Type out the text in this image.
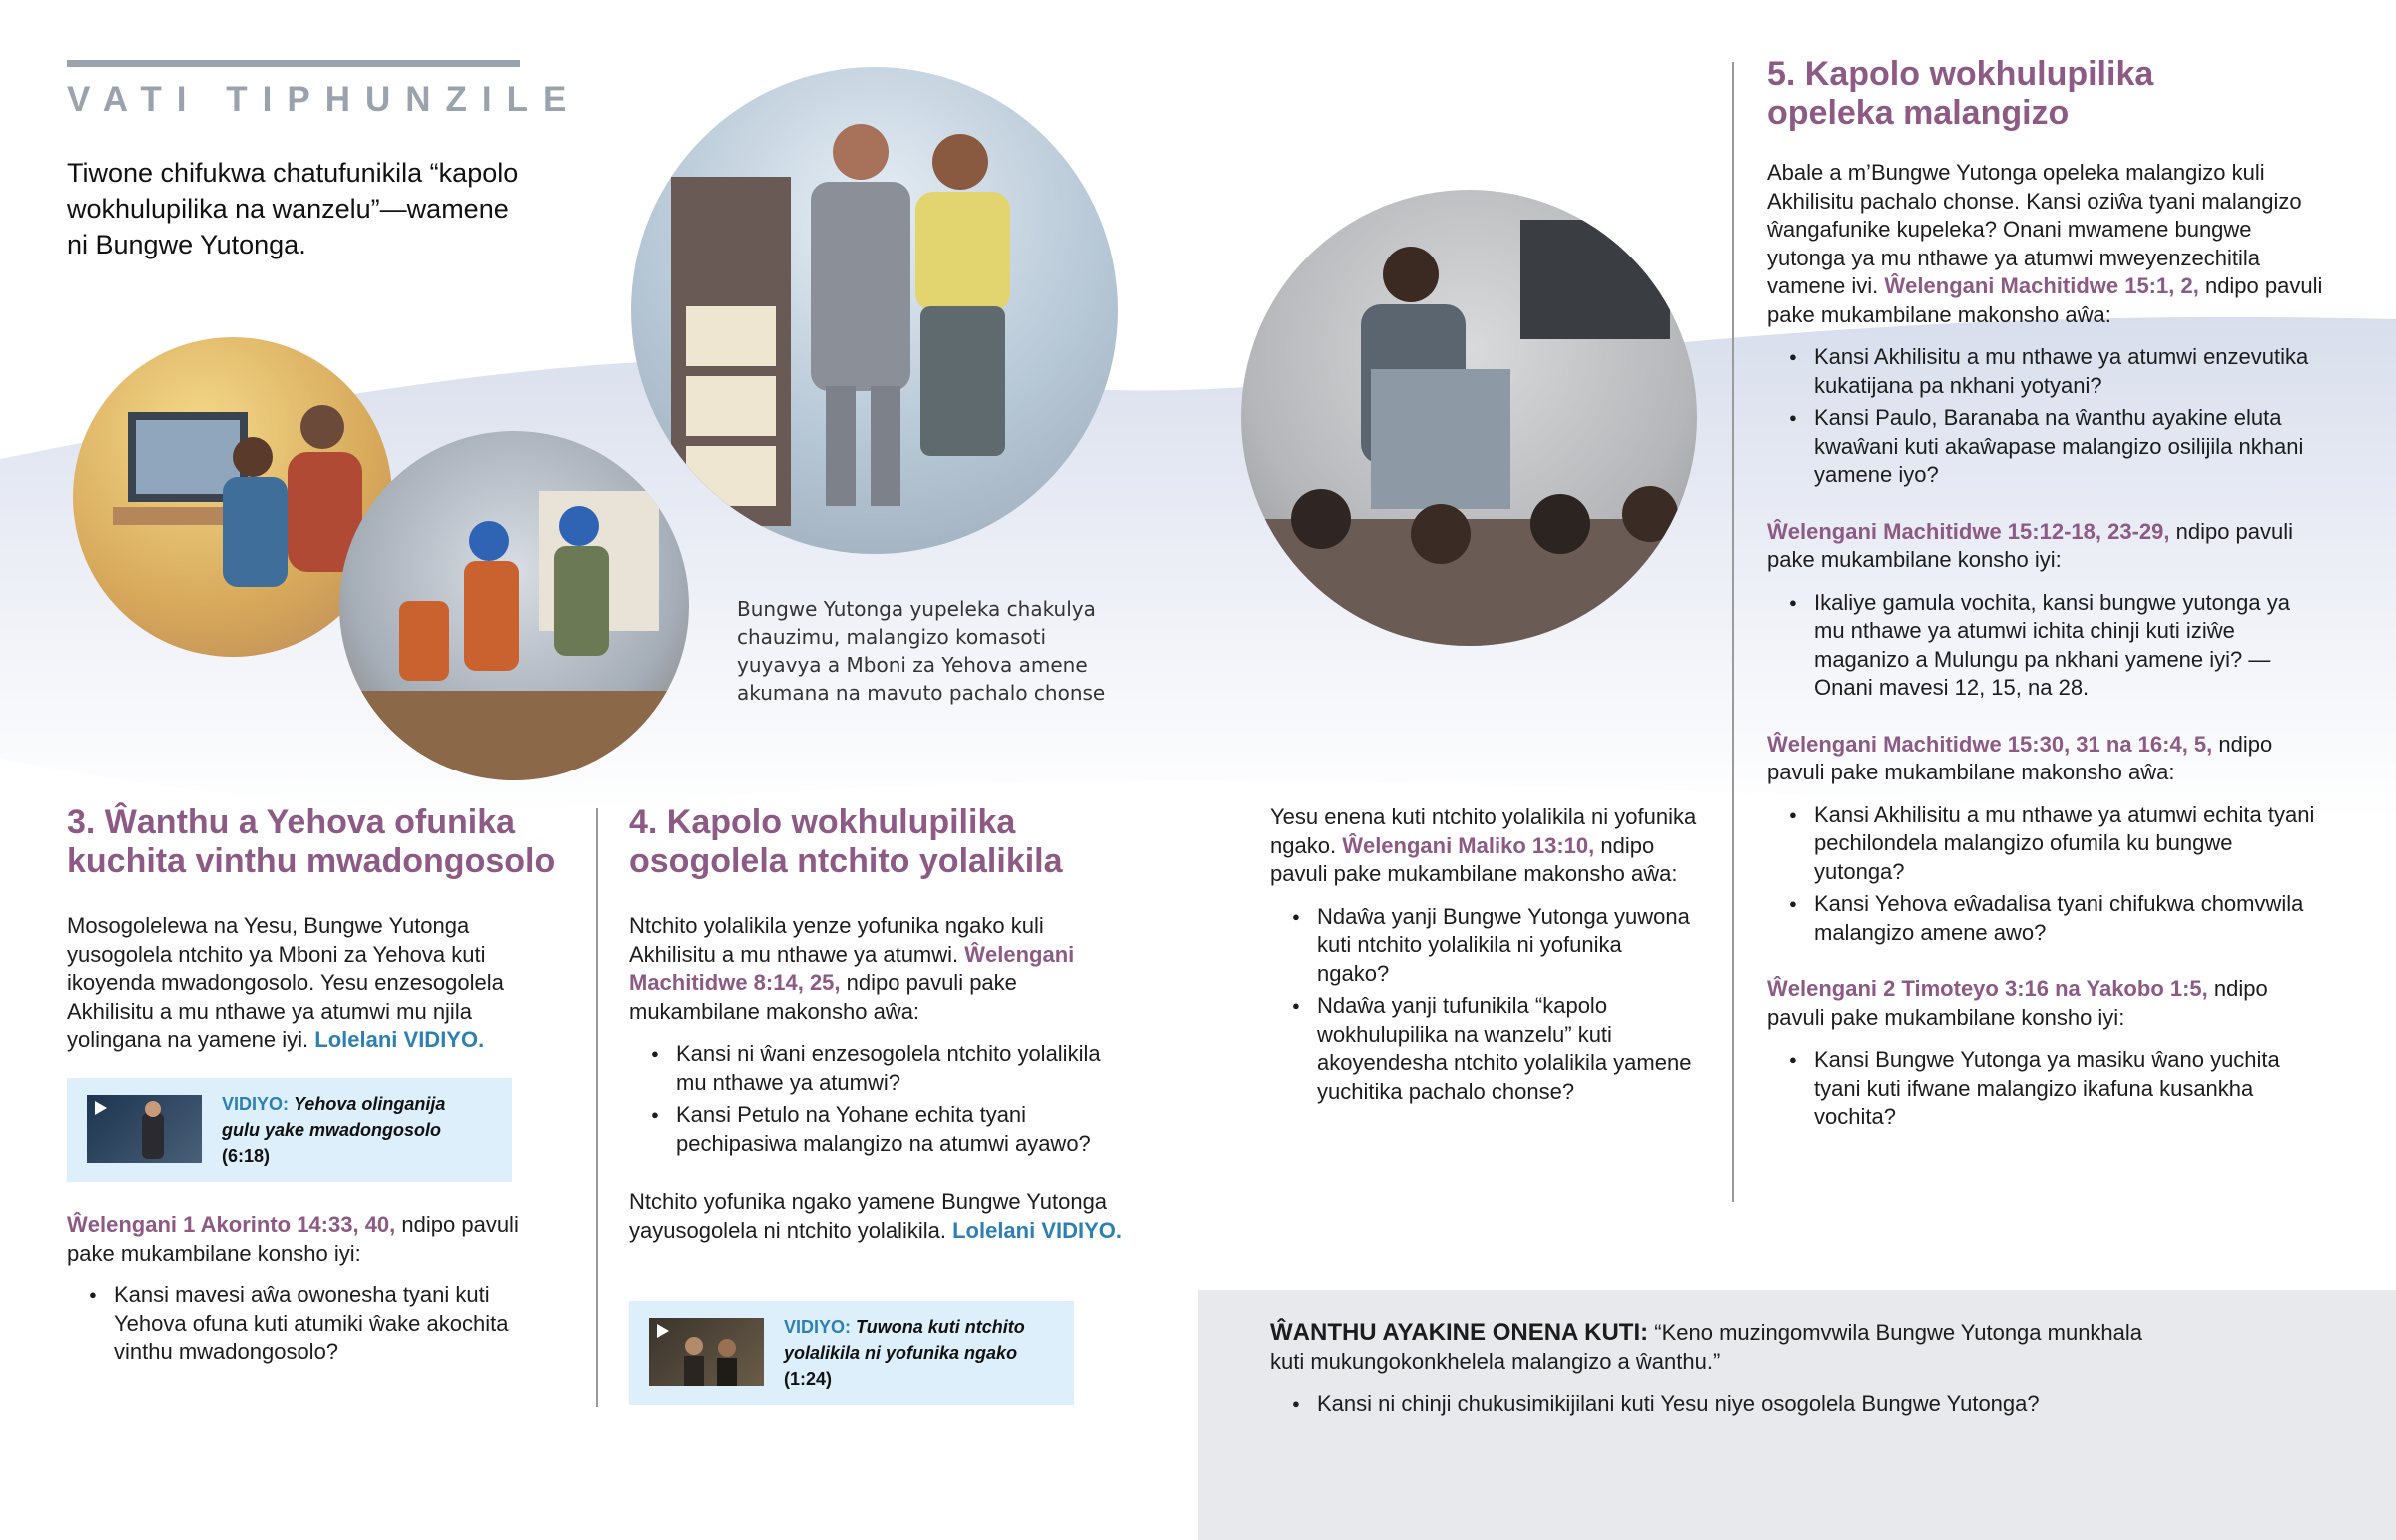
VATI TIPHUNZILE
Tiwone chifukwa chatufunikila “kapolo wokhulupilika na wanzelu”—wamene ni Bungwe Yutonga.
Bungwe Yutonga yupeleka chakulya chauzimu, malangizo komasoti yuyavya a Mboni za Yehova amene akumana na mavuto pachalo chonse
3. Ŵanthu a Yehova ofunika kuchita vinthu mwadongosolo

Mosogolelewa na Yesu, Bungwe Yutonga yusogolela ntchito ya Mboni za Yehova kuti ikoyenda mwadongosolo. Yesu enzesogolela Akhilisitu a mu nthawe ya atumwi mu njila yolingana na yamene iyi. Lolelani VIDIYO.

VIDIYO: Yehova olinganija gulu yake mwadongosolo (6:18)

Ŵelengani 1 Akorinto 14:33, 40, ndipo pavuli pake mukambilane konsho iyi:

● Kansi mavesi aŵa owonesha tyani kuti Yehova ofuna kuti atumiki ŵake akochita vinthu mwadongosolo?
4. Kapolo wokhulupilika osogolela ntchito yolalikila

Ntchito yolalikila yenze yofunika ngako kuli Akhilisitu a mu nthawe ya atumwi. Ŵelengani Machitidwe 8:14, 25, ndipo pavuli pake mukambilane makonsho aŵa:

● Kansi ni ŵani enzesogolela ntchito yolalikila mu nthawe ya atumwi?
● Kansi Petulo na Yohane echita tyani pechipasiwa malangizo na atumwi ayawo?

Ntchito yofunika ngako yamene Bungwe Yutonga yayusogolela ni ntchito yolalikila. Lolelani VIDIYO.

VIDIYO: Tuwona kuti ntchito yolalikila ni yofunika ngako (1:24)

Yesu enena kuti ntchito yolalikila ni yofunika ngako. Ŵelengani Maliko 13:10, ndipo pavuli pake mukambilane makonsho aŵa:

● Ndaŵa yanji Bungwe Yutonga yuwona kuti ntchito yolalikila ni yofunika ngako?
● Ndaŵa yanji tufunikila “kapolo wokhulupilika na wanzelu” kuti akoyendesha ntchito yolalikila yamene yuchitika pachalo chonse?
5. Kapolo wokhulupilika opeleka malangizo

Abale a m’Bungwe Yutonga opeleka malangizo kuli Akhilisitu pachalo chonse. Kansi oziŵa tyani malangizo ŵangafunike kupeleka? Onani mwamene bungwe yutonga ya mu nthawe ya atumwi mweyenzechitila vamene ivi. Ŵelengani Machitidwe 15:1, 2, ndipo pavuli pake mukambilane makonsho aŵa:

● Kansi Akhilisitu a mu nthawe ya atumwi enzevutika kukatijana pa nkhani yotyani?
● Kansi Paulo, Baranaba na ŵanthu ayakine eluta kwaŵani kuti akaŵapase malangizo osilijila nkhani yamene iyo?

Ŵelengani Machitidwe 15:12-18, 23-29, ndipo pavuli pake mukambilane konsho iyi:

● Ikaliye gamula vochita, kansi bungwe yutonga ya mu nthawe ya atumwi ichita chinji kuti iziŵe maganizo a Mulungu pa nkhani yamene iyi? —Onani mavesi 12, 15, na 28.

Ŵelengani Machitidwe 15:30, 31 na 16:4, 5, ndipo pavuli pake mukambilane makonsho aŵa:

● Kansi Akhilisitu a mu nthawe ya atumwi echita tyani pechilondela malangizo ofumila ku bungwe yutonga?
● Kansi Yehova eŵadalisa tyani chifukwa chomvwila malangizo amene awo?

Ŵelengani 2 Timoteyo 3:16 na Yakobo 1:5, ndipo pavuli pake mukambilane konsho iyi:

● Kansi Bungwe Yutonga ya masiku ŵano yuchita tyani kuti ifwane malangizo ikafuna kusankha vochita?

ŴANTHU AYAKINE ONENA KUTI: “Keno muzingomvwila Bungwe Yutonga munkhala kuti mukungokonkhelela malangizo a ŵanthu.”

● Kansi ni chinji chukusimikijilani kuti Yesu niye osogolela Bungwe Yutonga?
